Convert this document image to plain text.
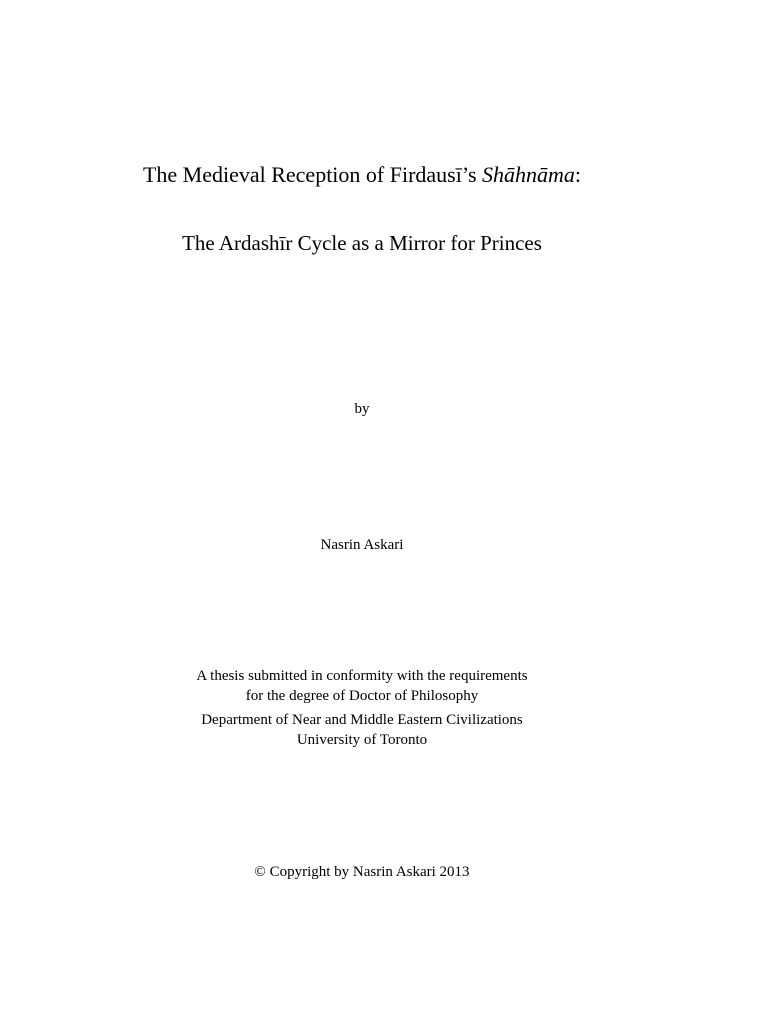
The Medieval Reception of Firdausī’s Shāhnāma:
The Ardashīr Cycle as a Mirror for Princes
by
Nasrin Askari
A thesis submitted in conformity with the requirements
for the degree of Doctor of Philosophy
Department of Near and Middle Eastern Civilizations
University of Toronto
© Copyright by Nasrin Askari 2013
